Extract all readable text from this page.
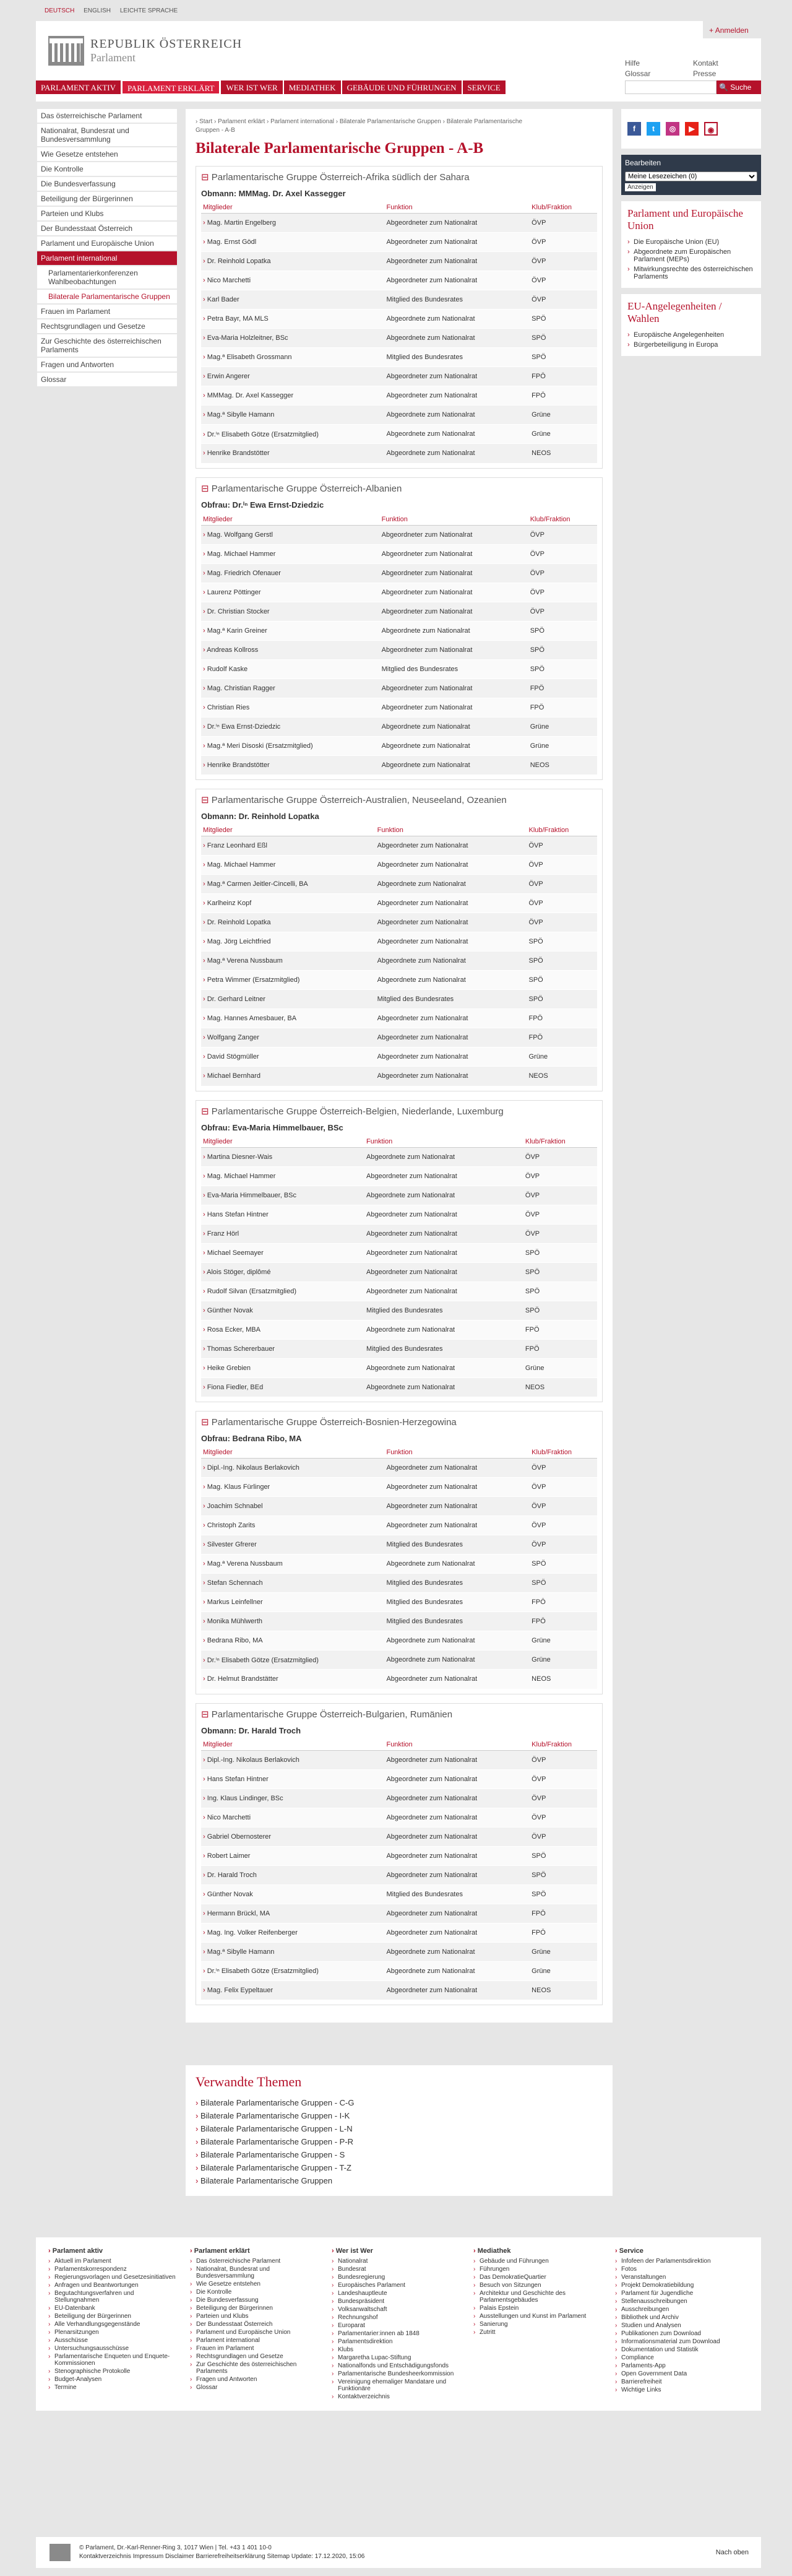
DEUTSCH ENGLISH LEICHTE SPRACHE
+ Anmelden
REPUBLIK ÖSTERREICH
Parlament	Hilfe
Glossar
Kontakt
Presse
PARLAMENT AKTIV	PARLAMENT ERKLÄRT	WER IST WER	MEDIATHEK	GEBÄUDE UND FÜHRUNGEN	SERVICE	🔍 Suche
Das österreichische Parlament
Nationalrat, Bundesrat und Bundesversammlung
Wie Gesetze entstehen
Die Kontrolle
Die Bundesverfassung
Beteiligung der Bürgerinnen
Parteien und Klubs
Der Bundesstaat Österreich
Parlament und Europäische Union
Parlament international
Parlamentarierkonferenzen Wahlbeobachtungen
Bilaterale Parlamentarische Gruppen
Frauen im Parlament
Rechtsgrundlagen und Gesetze
Zur Geschichte des österreichischen Parlaments
Fragen und Antworten
Glossar
› Start › Parlament erklärt › Parlament international › Bilaterale Parlamentarische Gruppen › Bilaterale Parlamentarische Gruppen - A-B
Bilaterale Parlamentarische Gruppen - A-B
⊟ Parlamentarische Gruppe Österreich-Afrika südlich der Sahara
Obmann: MMMag. Dr. Axel Kassegger
Mitglieder	Funktion	Klub/Fraktion
› Mag. Martin Engelberg	Abgeordneter zum Nationalrat	ÖVP
› Mag. Ernst Gödl	Abgeordneter zum Nationalrat	ÖVP
› Dr. Reinhold Lopatka	Abgeordneter zum Nationalrat	ÖVP
› Nico Marchetti	Abgeordneter zum Nationalrat	ÖVP
› Karl Bader	Mitglied des Bundesrates	ÖVP
› Petra Bayr, MA MLS	Abgeordnete zum Nationalrat	SPÖ
› Eva-Maria Holzleitner, BSc	Abgeordnete zum Nationalrat	SPÖ
› Mag.ª Elisabeth Grossmann	Mitglied des Bundesrates	SPÖ
› Erwin Angerer	Abgeordneter zum Nationalrat	FPÖ
› MMMag. Dr. Axel Kassegger	Abgeordneter zum Nationalrat	FPÖ
› Mag.ª Sibylle Hamann	Abgeordnete zum Nationalrat	Grüne
› Dr.ⁱⁿ Elisabeth Götze (Ersatzmitglied)	Abgeordnete zum Nationalrat	Grüne
› Henrike Brandstötter	Abgeordnete zum Nationalrat	NEOS
⊟ Parlamentarische Gruppe Österreich-Albanien
Obfrau: Dr.ⁱⁿ Ewa Ernst-Dziedzic
Mitglieder	Funktion	Klub/Fraktion
› Mag. Wolfgang Gerstl	Abgeordneter zum Nationalrat	ÖVP
› Mag. Michael Hammer	Abgeordneter zum Nationalrat	ÖVP
› Mag. Friedrich Ofenauer	Abgeordneter zum Nationalrat	ÖVP
› Laurenz Pöttinger	Abgeordneter zum Nationalrat	ÖVP
› Dr. Christian Stocker	Abgeordneter zum Nationalrat	ÖVP
› Mag.ª Karin Greiner	Abgeordnete zum Nationalrat	SPÖ
› Andreas Kollross	Abgeordneter zum Nationalrat	SPÖ
› Rudolf Kaske	Mitglied des Bundesrates	SPÖ
› Mag. Christian Ragger	Abgeordneter zum Nationalrat	FPÖ
› Christian Ries	Abgeordneter zum Nationalrat	FPÖ
› Dr.ⁱⁿ Ewa Ernst-Dziedzic	Abgeordnete zum Nationalrat	Grüne
› Mag.ª Meri Disoski (Ersatzmitglied)	Abgeordnete zum Nationalrat	Grüne
› Henrike Brandstötter	Abgeordnete zum Nationalrat	NEOS
⊟ Parlamentarische Gruppe Österreich-Australien, Neuseeland, Ozeanien
Obmann: Dr. Reinhold Lopatka
Mitglieder	Funktion	Klub/Fraktion
› Franz Leonhard Eßl	Abgeordneter zum Nationalrat	ÖVP
› Mag. Michael Hammer	Abgeordneter zum Nationalrat	ÖVP
› Mag.ª Carmen Jeitler-Cincelli, BA	Abgeordnete zum Nationalrat	ÖVP
› Karlheinz Kopf	Abgeordneter zum Nationalrat	ÖVP
› Dr. Reinhold Lopatka	Abgeordneter zum Nationalrat	ÖVP
› Mag. Jörg Leichtfried	Abgeordneter zum Nationalrat	SPÖ
› Mag.ª Verena Nussbaum	Abgeordnete zum Nationalrat	SPÖ
› Petra Wimmer (Ersatzmitglied)	Abgeordnete zum Nationalrat	SPÖ
› Dr. Gerhard Leitner	Mitglied des Bundesrates	SPÖ
› Mag. Hannes Amesbauer, BA	Abgeordneter zum Nationalrat	FPÖ
› Wolfgang Zanger	Abgeordneter zum Nationalrat	FPÖ
› David Stögmüller	Abgeordneter zum Nationalrat	Grüne
› Michael Bernhard	Abgeordneter zum Nationalrat	NEOS
⊟ Parlamentarische Gruppe Österreich-Belgien, Niederlande, Luxemburg
Obfrau: Eva-Maria Himmelbauer, BSc
Mitglieder	Funktion	Klub/Fraktion
› Martina Diesner-Wais	Abgeordnete zum Nationalrat	ÖVP
› Mag. Michael Hammer	Abgeordneter zum Nationalrat	ÖVP
› Eva-Maria Himmelbauer, BSc	Abgeordnete zum Nationalrat	ÖVP
› Hans Stefan Hintner	Abgeordneter zum Nationalrat	ÖVP
› Franz Hörl	Abgeordneter zum Nationalrat	ÖVP
› Michael Seemayer	Abgeordneter zum Nationalrat	SPÖ
› Alois Stöger, diplômé	Abgeordneter zum Nationalrat	SPÖ
› Rudolf Silvan (Ersatzmitglied)	Abgeordneter zum Nationalrat	SPÖ
› Günther Novak	Mitglied des Bundesrates	SPÖ
› Rosa Ecker, MBA	Abgeordnete zum Nationalrat	FPÖ
› Thomas Schererbauer	Mitglied des Bundesrates	FPÖ
› Heike Grebien	Abgeordnete zum Nationalrat	Grüne
› Fiona Fiedler, BEd	Abgeordnete zum Nationalrat	NEOS
⊟ Parlamentarische Gruppe Österreich-Bosnien-Herzegowina
Obfrau: Bedrana Ribo, MA
Mitglieder	Funktion	Klub/Fraktion
› Dipl.-Ing. Nikolaus Berlakovich	Abgeordneter zum Nationalrat	ÖVP
› Mag. Klaus Fürlinger	Abgeordneter zum Nationalrat	ÖVP
› Joachim Schnabel	Abgeordneter zum Nationalrat	ÖVP
› Christoph Zarits	Abgeordneter zum Nationalrat	ÖVP
› Silvester Gfrerer	Mitglied des Bundesrates	ÖVP
› Mag.ª Verena Nussbaum	Abgeordnete zum Nationalrat	SPÖ
› Stefan Schennach	Mitglied des Bundesrates	SPÖ
› Markus Leinfellner	Mitglied des Bundesrates	FPÖ
› Monika Mühlwerth	Mitglied des Bundesrates	FPÖ
› Bedrana Ribo, MA	Abgeordnete zum Nationalrat	Grüne
› Dr.ⁱⁿ Elisabeth Götze (Ersatzmitglied)	Abgeordnete zum Nationalrat	Grüne
› Dr. Helmut Brandstätter	Abgeordneter zum Nationalrat	NEOS
⊟ Parlamentarische Gruppe Österreich-Bulgarien, Rumänien
Obmann: Dr. Harald Troch
Mitglieder	Funktion	Klub/Fraktion
› Dipl.-Ing. Nikolaus Berlakovich	Abgeordneter zum Nationalrat	ÖVP
› Hans Stefan Hintner	Abgeordneter zum Nationalrat	ÖVP
› Ing. Klaus Lindinger, BSc	Abgeordneter zum Nationalrat	ÖVP
› Nico Marchetti	Abgeordneter zum Nationalrat	ÖVP
› Gabriel Obernosterer	Abgeordneter zum Nationalrat	ÖVP
› Robert Laimer	Abgeordneter zum Nationalrat	SPÖ
› Dr. Harald Troch	Abgeordneter zum Nationalrat	SPÖ
› Günther Novak	Mitglied des Bundesrates	SPÖ
› Hermann Brückl, MA	Abgeordneter zum Nationalrat	FPÖ
› Mag. Ing. Volker Reifenberger	Abgeordneter zum Nationalrat	FPÖ
› Mag.ª Sibylle Hamann	Abgeordnete zum Nationalrat	Grüne
› Dr.ⁱⁿ Elisabeth Götze (Ersatzmitglied)	Abgeordnete zum Nationalrat	Grüne
› Mag. Felix Eypeltauer	Abgeordneter zum Nationalrat	NEOS
Verwandte Themen
› Bilaterale Parlamentarische Gruppen - C-G
› Bilaterale Parlamentarische Gruppen - I-K
› Bilaterale Parlamentarische Gruppen - L-N
› Bilaterale Parlamentarische Gruppen - P-R
› Bilaterale Parlamentarische Gruppen - S
› Bilaterale Parlamentarische Gruppen - T-Z
› Bilaterale Parlamentarische Gruppen
f	t	◎	▶	◉
Bearbeiten
Meine Lesezeichen (0) Anzeigen
Parlament und Europäische Union
› Die Europäische Union (EU)
› Abgeordnete zum Europäischen Parlament (MEPs)
› Mitwirkungsrechte des österreichischen Parlaments
EU-Angelegenheiten / Wahlen
› Europäische Angelegenheiten
› Bürgerbeteiligung in Europa
› Parlament aktiv
› Aktuell im Parlament
› Parlamentskorrespondenz
› Regierungsvorlagen und Gesetzesinitiativen
› Anfragen und Beantwortungen
› Begutachtungsverfahren und Stellungnahmen
› EU-Datenbank
› Beteiligung der Bürgerinnen
› Alle Verhandlungsgegenstände
› Plenarsitzungen
› Ausschüsse
› Untersuchungsausschüsse
› Parlamentarische Enqueten und Enquete-Kommissionen
› Stenographische Protokolle
› Budget-Analysen
› Termine
› Parlament erklärt
› Das österreichische Parlament
› Nationalrat, Bundesrat und Bundesversammlung
› Wie Gesetze entstehen
› Die Kontrolle
› Die Bundesverfassung
› Beteiligung der Bürgerinnen
› Parteien und Klubs
› Der Bundesstaat Österreich
› Parlament und Europäische Union
› Parlament international
› Frauen im Parlament
› Rechtsgrundlagen und Gesetze
› Zur Geschichte des österreichischen Parlaments
› Fragen und Antworten
› Glossar
› Wer ist Wer
› Nationalrat
› Bundesrat
› Bundesregierung
› Europäisches Parlament
› Landeshauptleute
› Bundespräsident
› Volksanwaltschaft
› Rechnungshof
› Europarat
› Parlamentarier:innen ab 1848
› Parlamentsdirektion
› Klubs
› Margaretha Lupac-Stiftung
› Nationalfonds und Entschädigungsfonds
› Parlamentarische Bundesheerkommission
› Vereinigung ehemaliger Mandatare und Funktionäre
› Kontaktverzeichnis
› Mediathek
› Gebäude und Führungen
› Führungen
› Das DemokratieQuartier
› Besuch von Sitzungen
› Architektur und Geschichte des Parlamentsgebäudes
› Palais Epstein
› Ausstellungen und Kunst im Parlament
› Sanierung
› Zutritt
› Service
› Infofeen der Parlamentsdirektion
› Fotos
› Veranstaltungen
› Projekt Demokratiebildung
› Parlament für Jugendliche
› Stellenausschreibungen
› Ausschreibungen
› Bibliothek und Archiv
› Studien und Analysen
› Publikationen zum Download
› Informationsmaterial zum Download
› Dokumentation und Statistik
› Compliance
› Parlaments-App
› Open Government Data
› Barrierefreiheit
› Wichtige Links
© Parlament, Dr.-Karl-Renner-Ring 3, 1017 Wien | Tel. +43 1 401 10-0
Kontaktverzeichnis Impressum Disclaimer Barrierefreiheitserklärung Sitemap Update: 17.12.2020, 15:06
Nach oben
